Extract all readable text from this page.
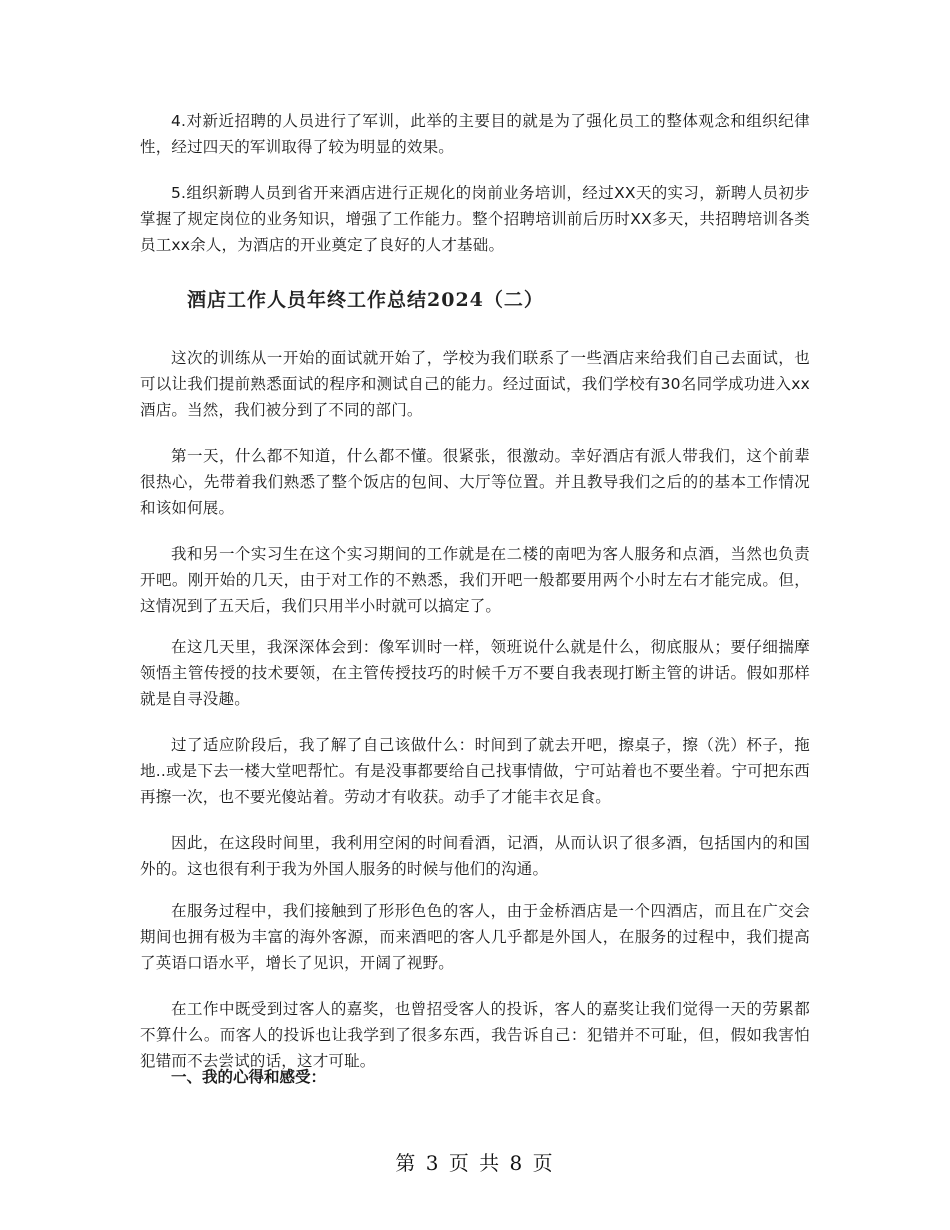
4.对新近招聘的人员进行了军训，此举的主要目的就是为了强化员工的整体观念和组织纪律性，经过四天的军训取得了较为明显的效果。

5.组织新聘人员到省开来酒店进行正规化的岗前业务培训，经过XX天的实习，新聘人员初步掌握了规定岗位的业务知识，增强了工作能力。整个招聘培训前后历时XX多天，共招聘培训各类员工xx余人，为酒店的开业奠定了良好的人才基础。

酒店工作人员年终工作总结2024（二）

这次的训练从一开始的面试就开始了，学校为我们联系了一些酒店来给我们自己去面试，也可以让我们提前熟悉面试的程序和测试自己的能力。经过面试，我们学校有30名同学成功进入xx酒店。当然，我们被分到了不同的部门。

第一天，什么都不知道，什么都不懂。很紧张，很激动。幸好酒店有派人带我们，这个前辈很热心，先带着我们熟悉了整个饭店的包间、大厅等位置。并且教导我们之后的的基本工作情况和该如何展。

我和另一个实习生在这个实习期间的工作就是在二楼的南吧为客人服务和点酒，当然也负责开吧。刚开始的几天，由于对工作的不熟悉，我们开吧一般都要用两个小时左右才能完成。但，这情况到了五天后，我们只用半小时就可以搞定了。

在这几天里，我深深体会到：像军训时一样，领班说什么就是什么，彻底服从；要仔细揣摩领悟主管传授的技术要领，在主管传授技巧的时候千万不要自我表现打断主管的讲话。假如那样就是自寻没趣。

过了适应阶段后，我了解了自己该做什么：时间到了就去开吧，擦桌子，擦（洗）杯子，拖地..或是下去一楼大堂吧帮忙。有是没事都要给自己找事情做，宁可站着也不要坐着。宁可把东西再擦一次，也不要光傻站着。劳动才有收获。动手了才能丰衣足食。

因此，在这段时间里，我利用空闲的时间看酒，记酒，从而认识了很多酒，包括国内的和国外的。这也很有利于我为外国人服务的时候与他们的沟通。

在服务过程中，我们接触到了形形色色的客人，由于金桥酒店是一个四酒店，而且在广交会期间也拥有极为丰富的海外客源，而来酒吧的客人几乎都是外国人，在服务的过程中，我们提高了英语口语水平，增长了见识，开阔了视野。

在工作中既受到过客人的嘉奖，也曾招受客人的投诉，客人的嘉奖让我们觉得一天的劳累都不算什么。而客人的投诉也让我学到了很多东西，我告诉自己：犯错并不可耻，但，假如我害怕犯错而不去尝试的话，这才可耻。

一、我的心得和感受：

第 3 页 共 8 页
